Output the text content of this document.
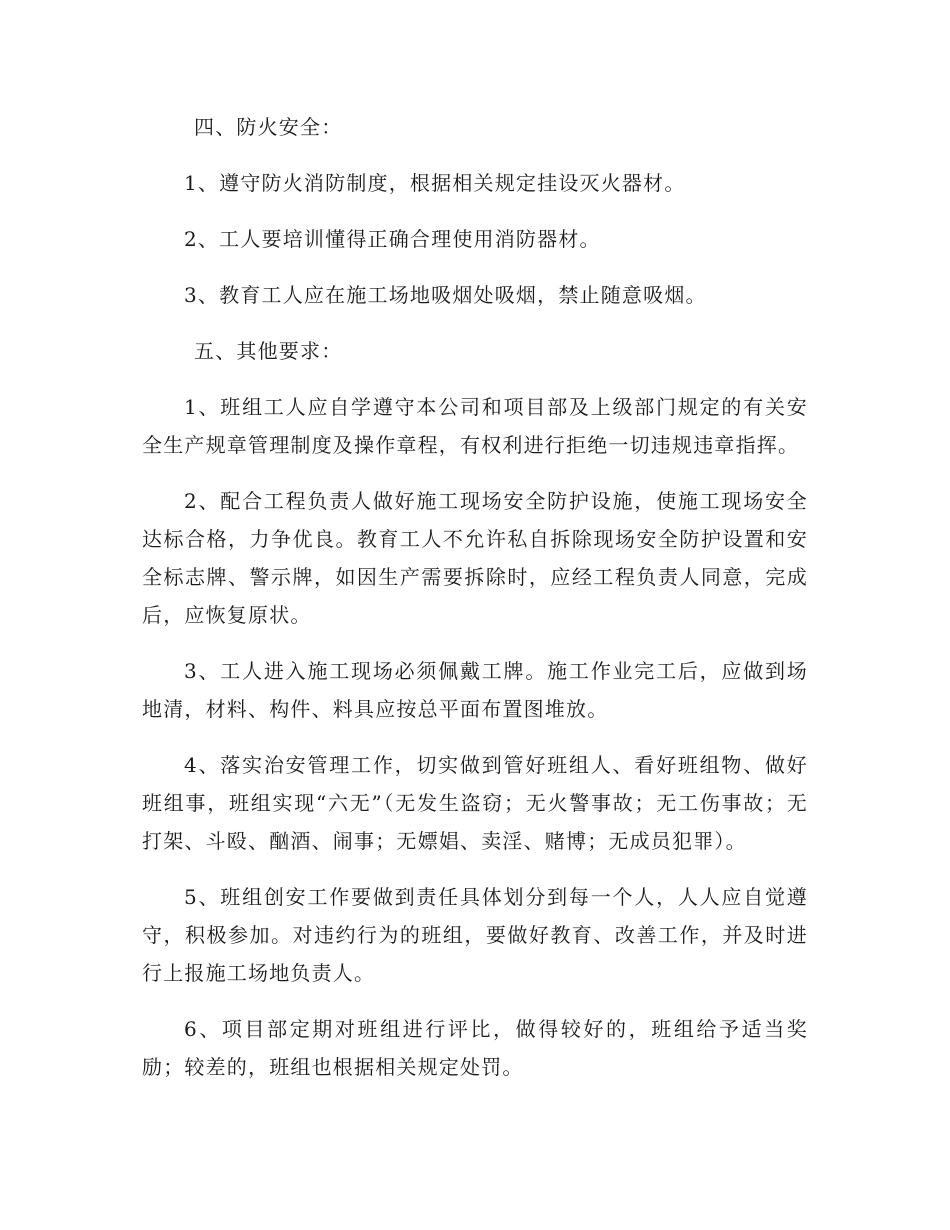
四、防火安全：

1、遵守防火消防制度，根据相关规定挂设灭火器材。

2、工人要培训懂得正确合理使用消防器材。

3、教育工人应在施工场地吸烟处吸烟，禁止随意吸烟。

五、其他要求：

1、班组工人应自学遵守本公司和项目部及上级部门规定的有关安全生产规章管理制度及操作章程，有权利进行拒绝一切违规违章指挥。

2、配合工程负责人做好施工现场安全防护设施，使施工现场安全达标合格，力争优良。教育工人不允许私自拆除现场安全防护设置和安全标志牌、警示牌，如因生产需要拆除时，应经工程负责人同意，完成后，应恢复原状。

3、工人进入施工现场必须佩戴工牌。施工作业完工后，应做到场地清，材料、构件、料具应按总平面布置图堆放。

4、落实治安管理工作，切实做到管好班组人、看好班组物、做好班组事，班组实现“六无”（无发生盗窃；无火警事故；无工伤事故；无打架、斗殴、酗酒、闹事；无嫖娼、卖淫、赌博；无成员犯罪）。

5、班组创安工作要做到责任具体划分到每一个人，人人应自觉遵守，积极参加。对违约行为的班组，要做好教育、改善工作，并及时进行上报施工场地负责人。

6、项目部定期对班组进行评比，做得较好的，班组给予适当奖励；较差的，班组也根据相关规定处罚。
